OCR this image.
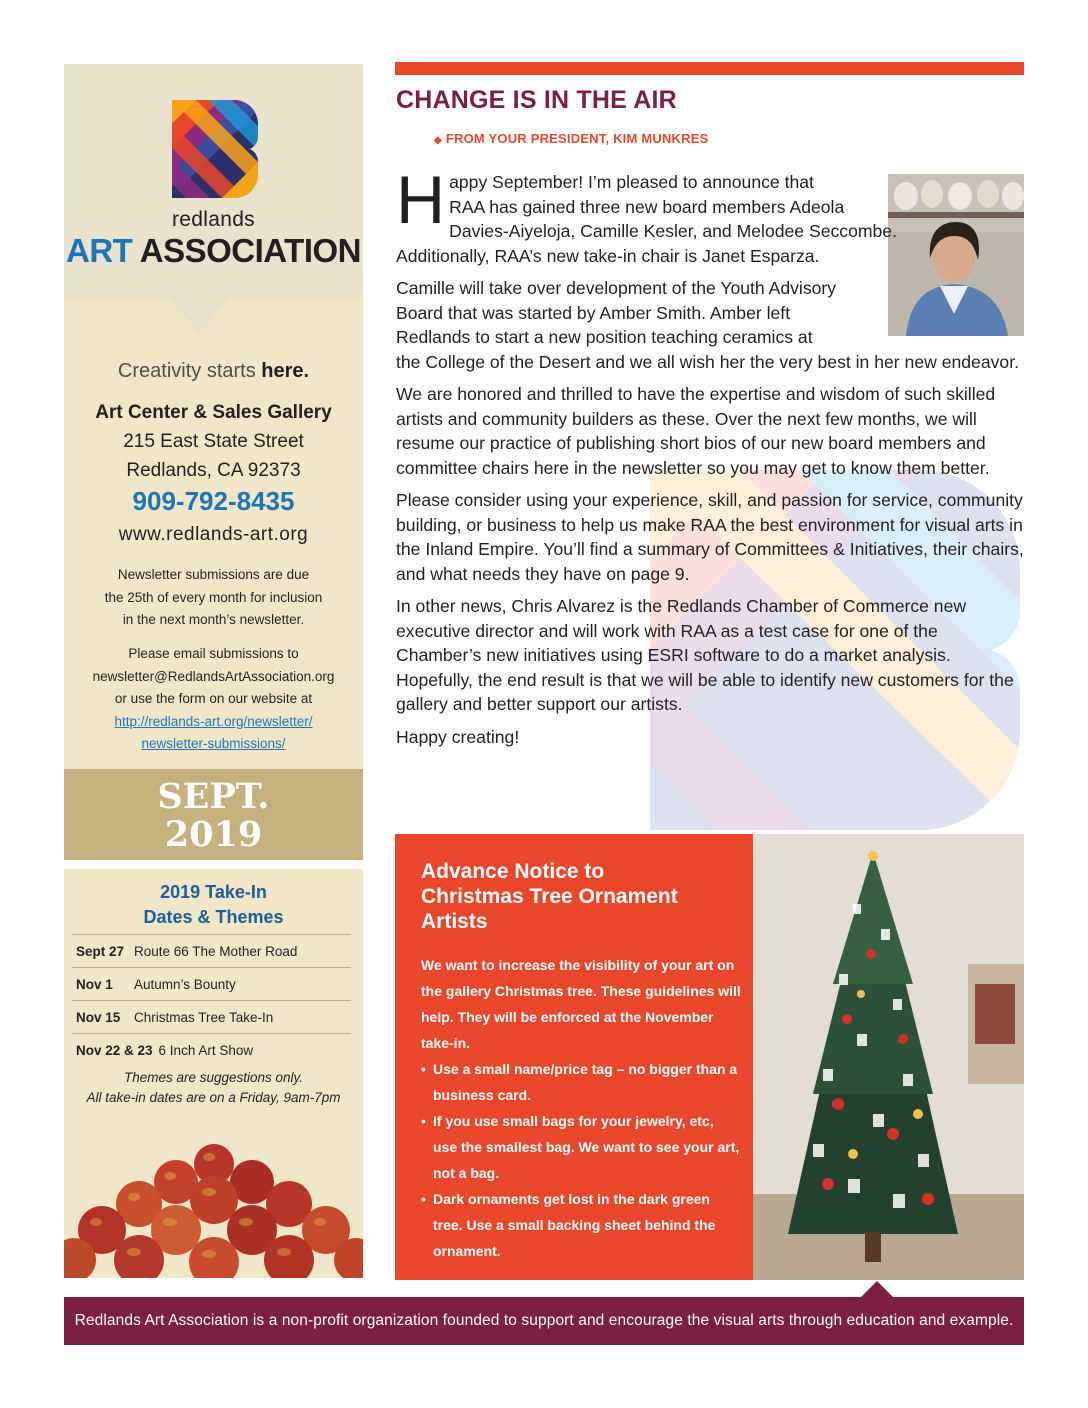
redlands
ART ASSOCIATION
Creativity starts here.
Art Center & Sales Gallery
215 East State Street
Redlands, CA 92373
909-792-8435
www.redlands-art.org
Newsletter submissions are due
the 25th of every month for inclusion
in the next month’s newsletter.
Please email submissions to
newsletter@RedlandsArtAssociation.org
or use the form on our website at
http://redlands-art.org/newsletter/
newsletter-submissions/
SEPT.
2019
2019 Take-In
Dates & Themes
Sept 27 Route 66 The Mother Road
Nov 1	Autumn’s Bounty
Nov 15	Christmas Tree Take-In
Nov 22 & 23 6 Inch Art Show
Themes are suggestions only.
All take-in dates are on a Friday, 9am-7pm
CHANGE IS IN THE AIR
◆ FROM YOUR PRESIDENT, KIM MUNKRES

H appy September! I’m pleased to announce that
RAA has gained three new board members Adeola
Davies-Aiyeloja, Camille Kesler, and Melodee Seccombe.
Additionally, RAA’s new take-in chair is Janet Esparza.

Camille will take over development of the Youth Advisory
Board that was started by Amber Smith. Amber left
Redlands to start a new position teaching ceramics at
the College of the Desert and we all wish her the very best in her new endeavor.

We are honored and thrilled to have the expertise and wisdom of such skilled artists and community builders as these. Over the next few months, we will resume our practice of publishing short bios of our new board members and committee chairs here in the newsletter so you may get to know them better.

Please consider using your experience, skill, and passion for service, community building, or business to help us make RAA the best environment for visual arts in the Inland Empire. You’ll find a summary of Committees & Initiatives, their chairs, and what needs they have on page 9.

In other news, Chris Alvarez is the Redlands Chamber of Commerce new executive director and will work with RAA as a test case for one of the Chamber’s new initiatives using ESRI software to do a market analysis. Hopefully, the end result is that we will be able to identify new customers for the gallery and better support our artists.

Happy creating!

Advance Notice to
Christmas Tree Ornament
Artists
We want to increase the visibility of your art on the gallery Christmas tree. These guidelines will help. They will be enforced at the November take-in.
• Use a small name/price tag – no bigger than a business card.
• If you use small bags for your jewelry, etc, use the smallest bag. We want to see your art, not a bag.
• Dark ornaments get lost in the dark green tree. Use a small backing sheet behind the ornament.
Redlands Art Association is a non-profit organization founded to support and encourage the visual arts through education and example.
